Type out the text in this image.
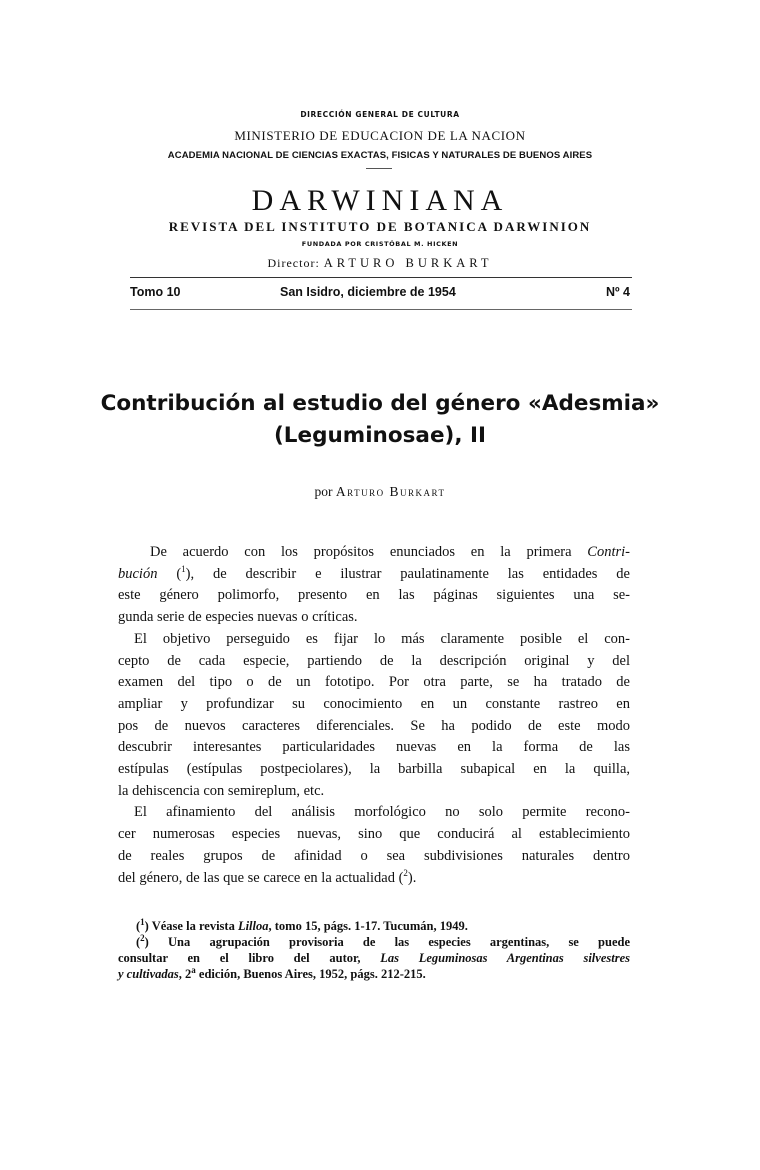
DIRECCIÓN GENERAL DE CULTURA
MINISTERIO DE EDUCACION DE LA NACION
ACADEMIA NACIONAL DE CIENCIAS EXACTAS, FISICAS Y NATURALES DE BUENOS AIRES
DARWINIANA
REVISTA DEL INSTITUTO DE BOTANICA DARWINION
FUNDADA POR CRISTÓBAL M. HICKEN
Director: ARTURO BURKART
Tomo 10	San Isidro, diciembre de 1954	Nº 4
Contribución al estudio del género «Adesmia»
(Leguminosae), II
por Arturo Burkart
De acuerdo con los propósitos enunciados en la primera Contri-
bución ($^1$), de describir e ilustrar paulatinamente las entidades de
este género polimorfo, presento en las páginas siguientes una se-
gunda serie de especies nuevas o críticas.
El objetivo perseguido es fijar lo más claramente posible el con-
cepto de cada especie, partiendo de la descripción original y del
examen del tipo o de un fototipo. Por otra parte, se ha tratado de
ampliar y profundizar su conocimiento en un constante rastreo en
pos de nuevos caracteres diferenciales. Se ha podido de este modo
descubrir interesantes particularidades nuevas en la forma de las
estípulas (estípulas postpeciolares), la barbilla subapical en la quilla,
la dehiscencia con semireplum, etc.
El afinamiento del análisis morfológico no solo permite recono-
cer numerosas especies nuevas, sino que conducirá al establecimiento
de reales grupos de afinidad o sea subdivisiones naturales dentro
del género, de las que se carece en la actualidad ($^2$).
($^1$) Véase la revista Lilloa, tomo 15, págs. 1-17. Tucumán, 1949.
($^2$) Una agrupación provisoria de las especies argentinas, se puede
consultar en el libro del autor, Las Leguminosas Argentinas silvestres
y cultivadas, 2$^a$ edición, Buenos Aires, 1952, págs. 212-215.
